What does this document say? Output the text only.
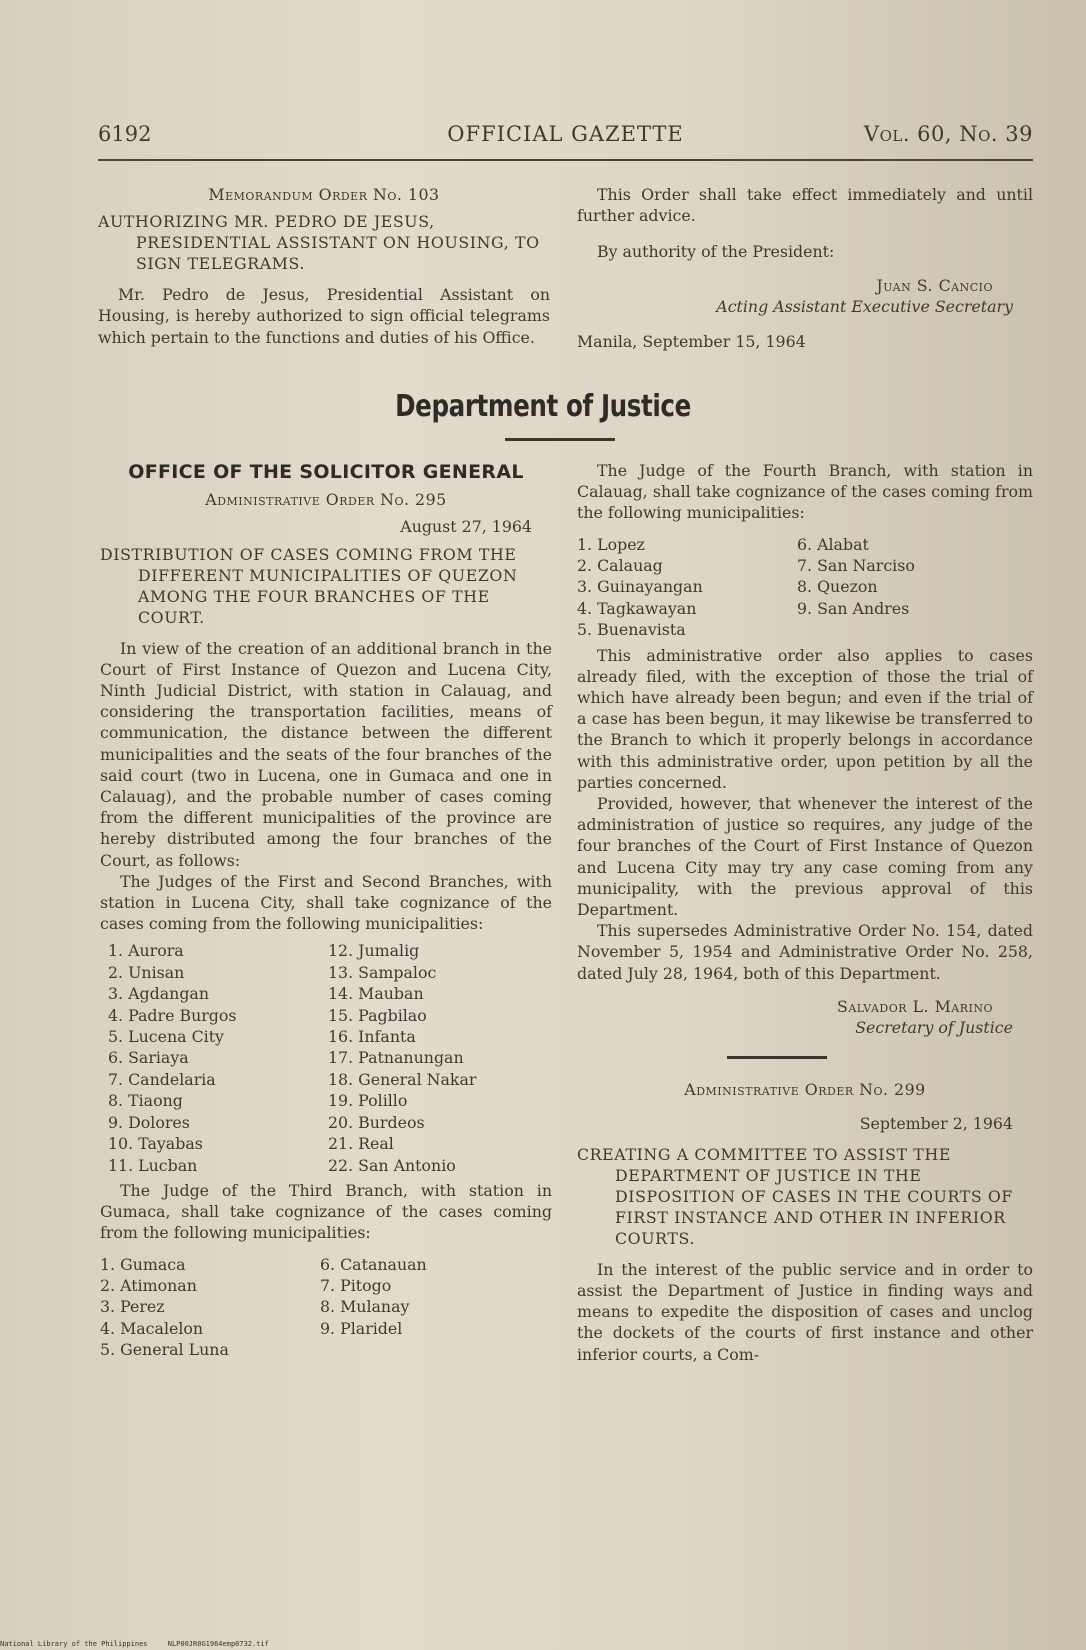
6192	OFFICIAL GAZETTE	Vol. 60, No. 39
Memorandum Order No. 103

AUTHORIZING MR. PEDRO DE JESUS, PRESIDENTIAL ASSISTANT ON HOUSING, TO SIGN TELEGRAMS.

Mr. Pedro de Jesus, Presidential Assistant on Housing, is hereby authorized to sign official telegrams which pertain to the functions and duties of his Office.

This Order shall take effect immediately and until further advice.

By authority of the President:

Juan S. Cancio
Acting Assistant Executive Secretary
Manila, September 15, 1964
Department of Justice
OFFICE OF THE SOLICITOR GENERAL
Administrative Order No. 295
August 27, 1964

DISTRIBUTION OF CASES COMING FROM THE DIFFERENT MUNICIPALITIES OF QUEZON AMONG THE FOUR BRANCHES OF THE COURT.

In view of the creation of an additional branch in the Court of First Instance of Quezon and Lucena City, Ninth Judicial District, with station in Calauag, and considering the transportation facilities, means of communication, the distance between the different municipalities and the seats of the four branches of the said court (two in Lucena, one in Gumaca and one in Calauag), and the probable number of cases coming from the different municipalities of the province are hereby distributed among the four branches of the Court, as follows:

The Judges of the First and Second Branches, with station in Lucena City, shall take cognizance of the cases coming from the following municipalities:

1. Aurora	12. Jumalig
2. Unisan	13. Sampaloc
3. Agdangan	14. Mauban
4. Padre Burgos	15. Pagbilao
5. Lucena City	16. Infanta
6. Sariaya	17. Patnanungan
7. Candelaria	18. General Nakar
8. Tiaong	19. Polillo
9. Dolores	20. Burdeos
10. Tayabas	21. Real
11. Lucban	22. San Antonio

The Judge of the Third Branch, with station in Gumaca, shall take cognizance of the cases coming from the following municipalities:

1. Gumaca	6. Catanauan
2. Atimonan	7. Pitogo
3. Perez	8. Mulanay
4. Macalelon	9. Plaridel
5. General Luna

The Judge of the Fourth Branch, with station in Calauag, shall take cognizance of the cases coming from the following municipalities:

1. Lopez	6. Alabat
2. Calauag	7. San Narciso
3. Guinayangan	8. Quezon
4. Tagkawayan	9. San Andres
5. Buenavista

This administrative order also applies to cases already filed, with the exception of those the trial of which have already been begun; and even if the trial of a case has been begun, it may likewise be transferred to the Branch to which it properly belongs in accordance with this administrative order, upon petition by all the parties concerned.

Provided, however, that whenever the interest of the administration of justice so requires, any judge of the four branches of the Court of First Instance of Quezon and Lucena City may try any case coming from any municipality, with the previous approval of this Department.

This supersedes Administrative Order No. 154, dated November 5, 1954 and Administrative Order No. 258, dated July 28, 1964, both of this Department.

Salvador L. Marino
Secretary of Justice
Administrative Order No. 299
September 2, 1964

CREATING A COMMITTEE TO ASSIST THE DEPARTMENT OF JUSTICE IN THE DISPOSITION OF CASES IN THE COURTS OF FIRST INSTANCE AND OTHER IN INFERIOR COURTS.

In the interest of the public service and in order to assist the Department of Justice in finding ways and means to expedite the disposition of cases and unclog the dockets of the courts of first instance and other inferior courts, a Com-

National Library of the Philippines	NLP00JR0G1964emp0732.tif
